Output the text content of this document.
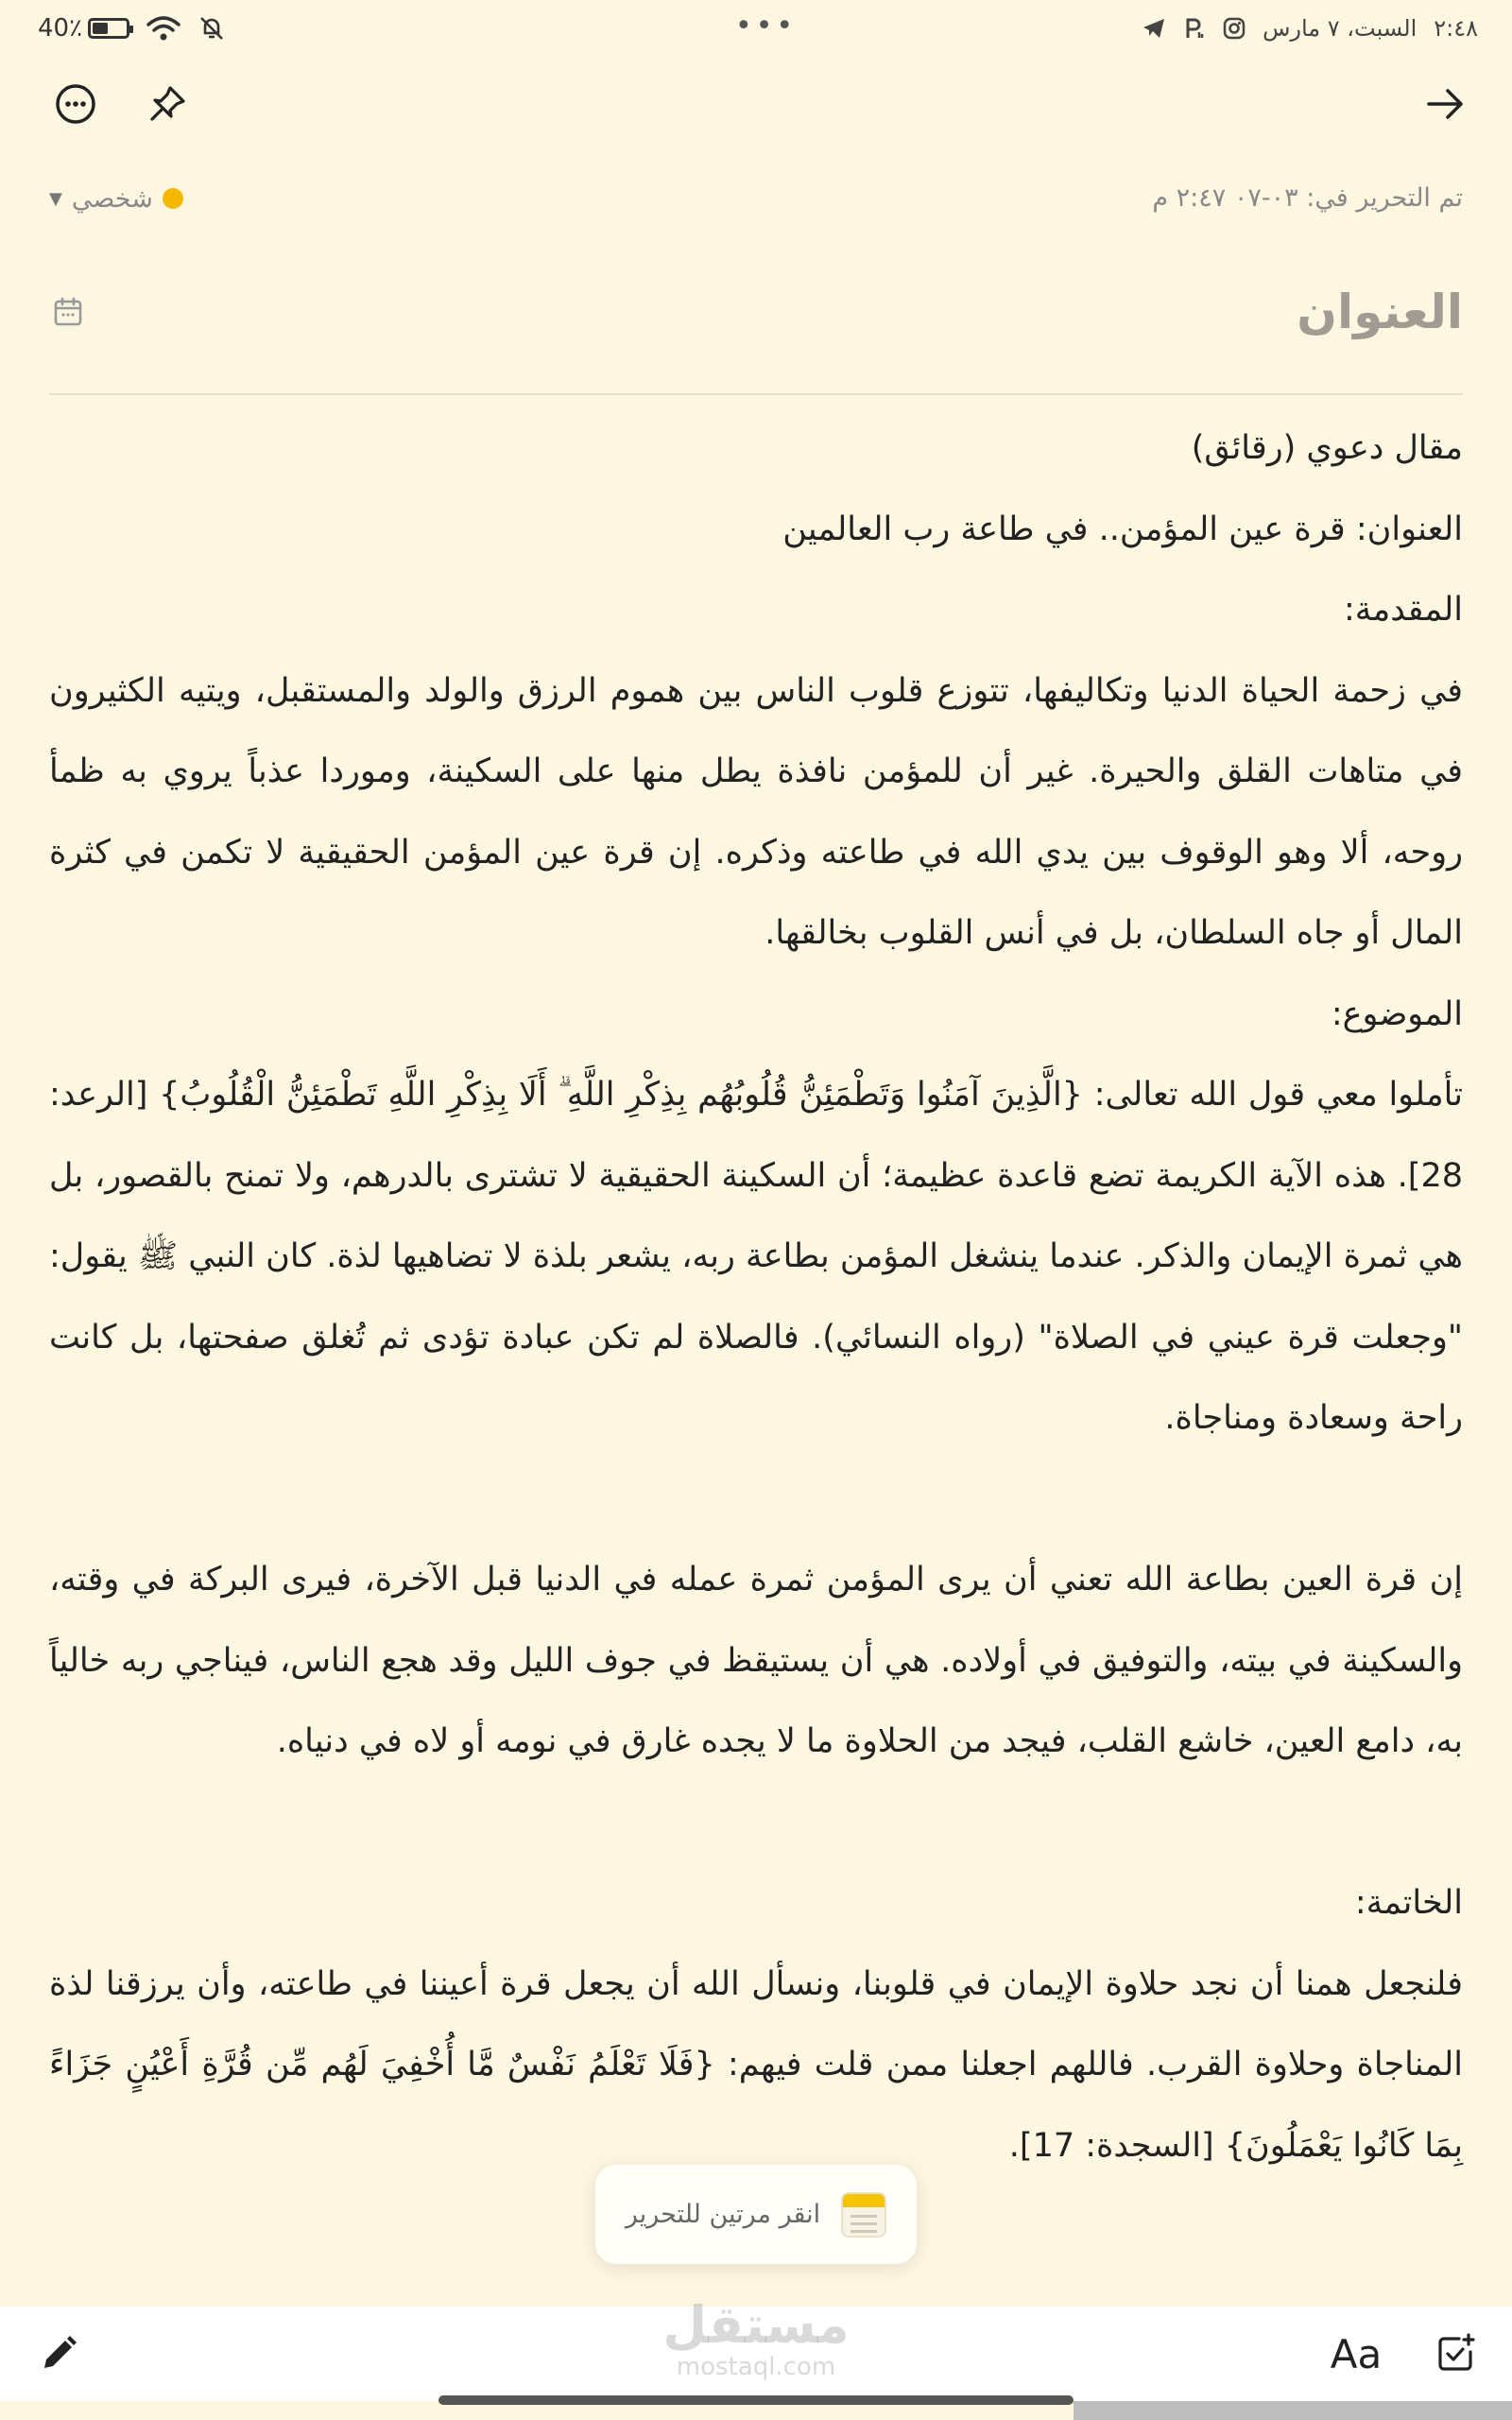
40٪	•••	السبت، ٧ مارس ٢:٤٨
▼ شخصي	تم التحرير في: ٠٣-٠٧ ٢:٤٧ م
العنوان

مقال دعوي (رقائق)

العنوان: قرة عين المؤمن.. في طاعة رب العالمين

المقدمة:

في زحمة الحياة الدنيا وتكاليفها، تتوزع قلوب الناس بين هموم الرزق والولد والمستقبل، ويتيه الكثيرون في متاهات القلق والحيرة. غير أن للمؤمن نافذة يطل منها على السكينة، وموردا عذباً يروي به ظمأ روحه، ألا وهو الوقوف بين يدي الله في طاعته وذكره. إن قرة عين المؤمن الحقيقية لا تكمن في كثرة المال أو جاه السلطان، بل في أنس القلوب بخالقها.

الموضوع:

تأملوا معي قول الله تعالى: {الَّذِينَ آمَنُوا وَتَطْمَئِنُّ قُلُوبُهُم بِذِكْرِ اللَّهِ ۗ أَلَا بِذِكْرِ اللَّهِ تَطْمَئِنُّ الْقُلُوبُ} [الرعد: 28]. هذه الآية الكريمة تضع قاعدة عظيمة؛ أن السكينة الحقيقية لا تشترى بالدرهم، ولا تمنح بالقصور، بل هي ثمرة الإيمان والذكر. عندما ينشغل المؤمن بطاعة ربه، يشعر بلذة لا تضاهيها لذة. كان النبي ﷺ يقول: "وجعلت قرة عيني في الصلاة" (رواه النسائي). فالصلاة لم تكن عبادة تؤدى ثم تُغلق صفحتها، بل كانت راحة وسعادة ومناجاة.

إن قرة العين بطاعة الله تعني أن يرى المؤمن ثمرة عمله في الدنيا قبل الآخرة، فيرى البركة في وقته، والسكينة في بيته، والتوفيق في أولاده. هي أن يستيقظ في جوف الليل وقد هجع الناس، فيناجي ربه خالياً به، دامع العين، خاشع القلب، فيجد من الحلاوة ما لا يجده غارق في نومه أو لاه في دنياه.

الخاتمة:

فلنجعل همنا أن نجد حلاوة الإيمان في قلوبنا، ونسأل الله أن يجعل قرة أعيننا في طاعته، وأن يرزقنا لذة المناجاة وحلاوة القرب. فاللهم اجعلنا ممن قلت فيهم: {فَلَا تَعْلَمُ نَفْسٌ مَّا أُخْفِيَ لَهُم مِّن قُرَّةِ أَعْيُنٍ جَزَاءً بِمَا كَانُوا يَعْمَلُونَ} [السجدة: 17].

انقر مرتين للتحرير
Aa
مستقل
mostaql.com
